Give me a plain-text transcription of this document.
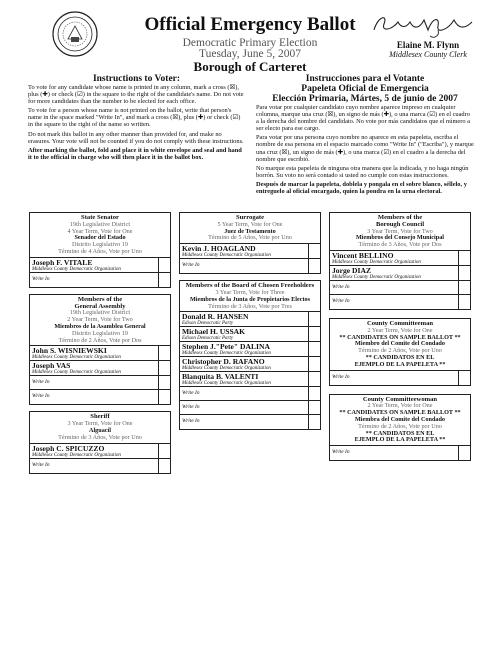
Official Emergency Ballot
Democratic Primary Election
Tuesday, June 5, 2007
Borough of Carteret
Elaine M. Flynn
Middlesex County Clerk
Instructions to Voter:

To vote for any candidate whose name is printed in any column, mark a cross (☒), plus (✚) or check (☑) in the square to the right of the candidate's name. Do not vote for more candidates than the number to be elected for each office.

To vote for a person whose name is not printed on the ballot, write that person's name in the space marked "Write In", and mark a cross (☒), plus (✚) or check (☑) in the square to the right of the name so written.

Do not mark this ballot in any other manner than provided for, and make no erasures. Your vote will not be counted if you do not comply with these instructions.

After marking the ballot, fold and place it in white envelope and seal and hand it to the official in charge who will then place it in the ballot box.

Instrucciones para el Votante
Papeleta Oficial de Emergencia
Elección Primaria, Mártes, 5 de junio de 2007

Para votar por cualquier candidato cuyo nombre aparece impreso en cualquier columna, marque una cruz (☒), un signo de más (✚), o una marca (☑) en el cuadro a la derecha del nombre del candidato. No vote por más candidatos que el número a ser electo para ese cargo.

Para votar por una persona cuyo nombre no aparece en esta papeleta, escriba el nombre de esa persona en el espacio marcado como "Write In" ("Escriba"), y marque una cruz (☒), un signo de más (✚), o una marca (☑) en el cuadro a la derecha del nombre que escribió.

No marque esta papeleta de ninguna otra manera que la indicada, y no haga ningún borrón. Su voto no será contado si usted no cumple con estas instrucciones.

Después de marcar la papeleta, doblela y pongala en el sobre blanco, séllelo, y entreguelo al oficial encargado, quien la pondra en la urna electoral.

State Senator
19th Legislative District
4 Year Term, Vote for One
Senador del Estado
Distrito Legislativo 19
Término de 4 Años, Vote por Uno
Joseph F. VITALE
Middlesex County Democratic Organization
Write In
Members of the
General Assembly
19th Legislative District
2 Year Term, Vote for Two
Miembros de la Asamblea General
Distrito Legislativo 19
Término de 2 Años, Vote por Dos
John S. WISNIEWSKI
Middlesex County Democratic Organization
Joseph VAS
Middlesex County Democratic Organization
Write In
Write In
Sheriff
3 Year Term, Vote for One
Alguacil
Término de 3 Años, Vote por Uno
Joseph C. SPICUZZO
Middlesex County Democratic Organization
Write In
Surrogate
5 Year Term, Vote for One
Juez de Testamento
Término de 5 Años, Vote por Uno
Kevin J. HOAGLAND
Middlesex County Democratic Organization
Write In
Members of the Board of Chosen Freeholders
3 Year Term, Vote for Three
Miembros de la Junta de Propietarios Electos
Término de 3 Años, Vote por Tres
Donald R. HANSEN
Edison Democratic Party
Michael H. USSAK
Edison Democratic Party
Stephen J."Pete" DALINA
Middlesex County Democratic Organization
Christopher D. RAFANO
Middlesex County Democratic Organization
Blanquita B. VALENTI
Middlesex County Democratic Organization
Write In
Write In
Write In
Members of the
Borough Council
3 Year Term, Vote for Two
Miembros del Consejo Municipal
Término de 3 Años, Vote por Dos
Vincent BELLINO
Middlesex County Democratic Organization
Jorge DIAZ
Middlesex County Democratic Organization
Write In
Write In
County Committeeman
2 Year Term, Vote for One
** CANDIDATES ON SAMPLE BALLOT **
Miembro del Comite del Condado
Término de 2 Años, Vote por Uno
** CANDIDATOS EN EL
EJEMPLO DE LA PAPELETA **
Write In
County Committeewoman
2 Year Term, Vote for One
** CANDIDATES ON SAMPLE BALLOT **
Miembra del Comite del Condado
Término de 2 Años, Vote por Uno
** CANDIDATOS EN EL
EJEMPLO DE LA PAPELETA **
Write In
